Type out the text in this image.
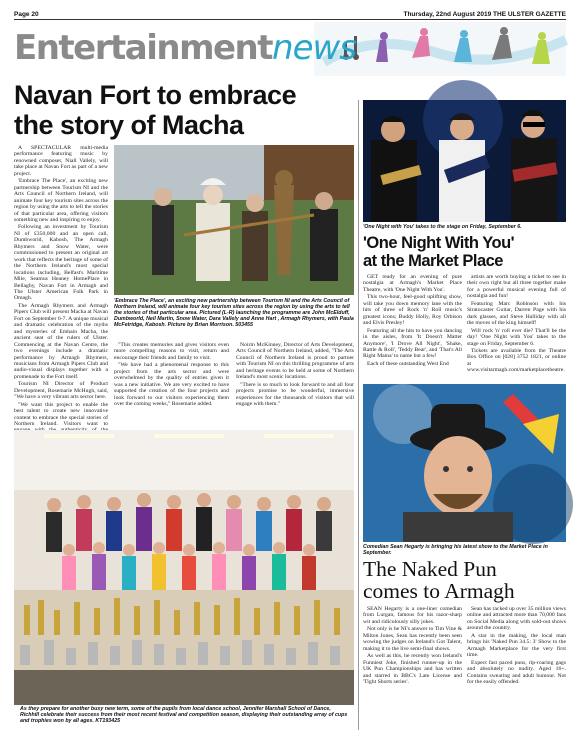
Page 20	Thursday, 22nd August 2019 THE ULSTER GAZETTE
Entertainmentnews
Navan Fort to embrace
the story of Macha

A SPECTACULAR multi-media performance featuring music by renowned composer, Niall Vallely, will take place at Navan Fort as part of a new project.

'Embrace The Place', an exciting new partnership between Tourism NI and the Arts Council of Northern Ireland, will animate four key tourism sites across the region by using the arts to tell the stories of that particular area, offering visitors something new and inspiring to enjoy.

Following an investment by Tourism NI of £350,000 and an open call, Dumbworld, Kabosh, The Armagh Rhymers and Snow Water, were commissioned to present an original art work that reflects the heritage of some of the Northern Ireland's most special locations including, Belfast's Maritime Mile, Seamus Heaney HomePlace in Bellaghy, Navan Fort in Armagh and The Ulster American Folk Park in Omagh.

The Armagh Rhymers and Armagh Pipers Club will present Macha at Navan Fort on September 6-7. A unique musical and dramatic celebration of the myths and mysteries of Emhain Macha, the ancient seat of the rulers of Ulster. Commencing at the Navan Centre, the two evenings include a dramatic performance by Armagh Rhymers, musicians from Armagh Pipers Club and audio-visual displays together with a promenade to the Fort itself.

Tourism NI Director of Product Development, Rosemarie McHugh, said, "We have a very vibrant arts sector here.

"We want this project to enable the best talent to create new innovative content to embrace the special stories of Northern Ireland. Visitors want to

'Embrace The Place', an exciting new partnership between Tourism NI and the Arts Council of Northern Ireland, will animate four key tourism sites across the region by using the arts to tell the stories of that particular area. Pictured (L-R) launching the programme are John McElduff, Dumbworld, Neil Martin, Snow Water, Dara Vallely and Anne Hart , Armagh Rhymers, with Paula McFetridge, Kabosh. Picture by Brian Morrison. 503455

"This creates memories and gives visitors even more compelling reasons to visit, return and encourage their friends and family to visit.

"We have had a phenomenal response to this project from the arts sector and were overwhelmed by the quality of entries given it was a new initiative. We are very excited to have supported the creation of the four projects and look forward to our visitors experiencing them over the coming weeks," Rosemarie added.

Noirin McKinney, Director of Arts Development, Arts Council of Northern Ireland, added, "The Arts Council of Northern Ireland is proud to partner with Tourism NI on this thrilling programme of arts and heritage events to be held at some of Northern Ireland's most scenic locations.

"There is so much to look forward to and all four projects promise to be wonderful, immersive experiences for the thousands of visitors that will engage with them."

As they prepare for another busy new term, some of the pupils from local dance school, Jennifer Marshall School of Dance, Richhill celebrate their success from their most recent festival and competition season, displaying their outstanding array of cups and trophies won by all ages. KT193425
'One Night with You' takes to the stage on Friday, September 6.
'One Night With You'
at the Market Place

GET ready for an evening of pure nostalgia at Armagh's Market Place Theatre, with 'One Night With You'.

This two-hour, feel-good uplifting show, will take you down memory lane with the hits of three of Rock 'n' Roll music's greatest icons; Buddy Holly, Roy Orbison and Elvis Presley!

Featuring all the hits to have you dancing in the aisles, from 'It Doesn't Matter Anymore', 'I Drove All Night', 'Shake, Rattle & Roll', 'Teddy Bear', and 'That's All Right Mama' to name but a few!

Each of these outstanding West End

artists are worth buying a ticket to see in their own right but all three together make for a powerful musical evening full of nostalgia and fun!

Featuring Marc Robinson with his Stratocaster Guitar, Darren Page with his dark glasses, and Steve Halliday with all the moves of the king himself!

Will rock 'n' roll ever die? That'll be the day! 'One Night with You' takes to the stage on Friday, September 6.

Tickets are available from the Theatre Box Office on [028] 3752 1821, or online at www.visitarmagh.com/marketplacetheatre.

Comedian Sean Hegarty is bringing his latest show to the Market Place in September.
The Naked Pun
comes to Armagh

SEAN Hegarty is a one-liner comedian from Lurgan, famous for his razor-sharp wit and ridiculously silly jokes.

Not only is he NI's answer to Tim Vine & Milton Jones, Sean has recently been seen wowing the judges on Ireland's Got Talent, making it to the live semi-final shows.

As well as this, he recently won Ireland's Funniest Joke, finished runner-up in the UK Pun Championships and has written and starred in BBC's Late License and 'Tight Shorts series'.

Sean has racked up over 35 million views online and attracted more than 70,000 fans on Social Media along with sold-out shows around the country.

A star in the making, the local man brings his 'Naked Pun 34.5: 3' Show to the Armagh Marketplace for the very first time.

Expect fast paced puns, rip-roaring gags and absolutely no nudity. Aged 16+. Contains swearing and adult humour. Not for the easily offended.
